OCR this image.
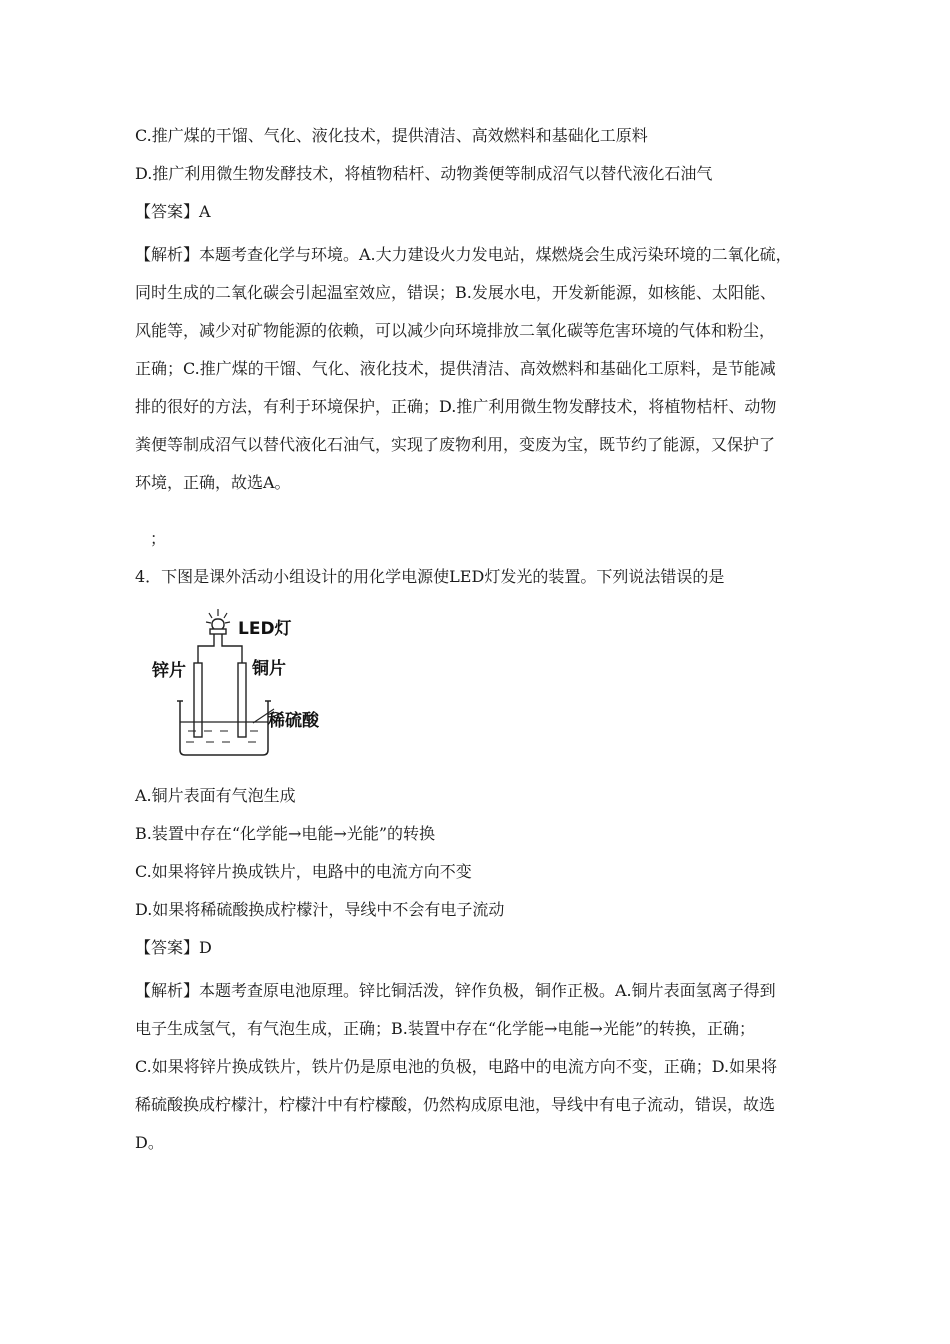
C.推广煤的干馏、气化、液化技术，提供清洁、高效燃料和基础化工原料
D.推广利用微生物发酵技术，将植物秸杆、动物粪便等制成沼气以替代液化石油气
【答案】A
【解析】本题考查化学与环境。A.大力建设火力发电站，煤燃烧会生成污染环境的二氧化硫，
同时生成的二氧化碳会引起温室效应，错误；B.发展水电，开发新能源，如核能、太阳能、
风能等，减少对矿物能源的依赖，可以减少向环境排放二氧化碳等危害环境的气体和粉尘，
正确；C.推广煤的干馏、气化、液化技术，提供清洁、高效燃料和基础化工原料，是节能减
排的很好的方法，有利于环境保护，正确；D.推广利用微生物发酵技术，将植物桔杆、动物
粪便等制成沼气以替代液化石油气，实现了废物利用，变废为宝，既节约了能源，又保护了
环境，正确，故选A。
；
4．下图是课外活动小组设计的用化学电源使LED灯发光的装置。下列说法错误的是
LED灯
锌片	铜片
稀硫酸
A.铜片表面有气泡生成
B.装置中存在“化学能→电能→光能”的转换
C.如果将锌片换成铁片，电路中的电流方向不变
D.如果将稀硫酸换成柠檬汁，导线中不会有电子流动
【答案】D
【解析】本题考查原电池原理。锌比铜活泼，锌作负极，铜作正极。A.铜片表面氢离子得到
电子生成氢气，有气泡生成，正确；B.装置中存在“化学能→电能→光能”的转换，正确；
C.如果将锌片换成铁片，铁片仍是原电池的负极，电路中的电流方向不变，正确；D.如果将
稀硫酸换成柠檬汁，柠檬汁中有柠檬酸，仍然构成原电池，导线中有电子流动，错误，故选
D。
